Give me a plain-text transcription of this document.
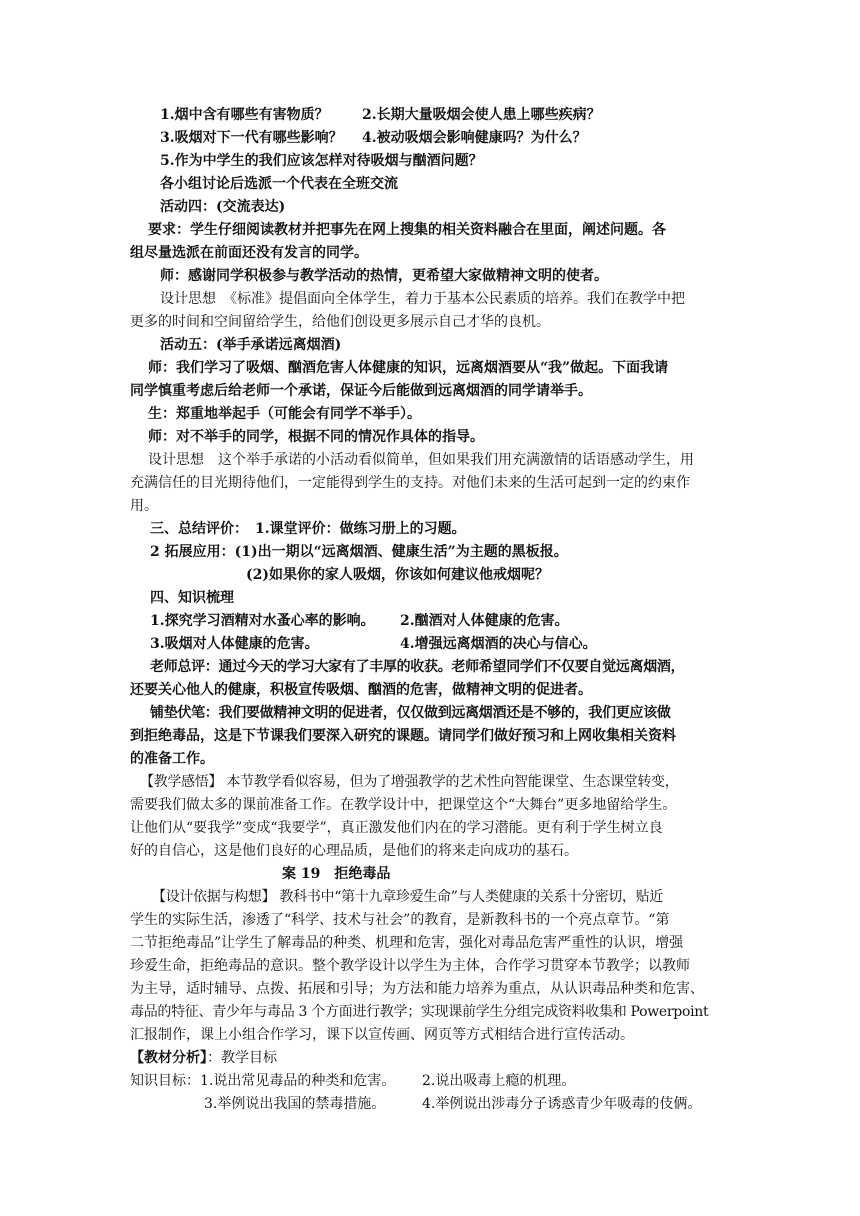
1.烟中含有哪些有害物质？ 2.长期大量吸烟会使人患上哪些疾病？
3.吸烟对下一代有哪些影响？ 4.被动吸烟会影响健康吗？为什么？
5.作为中学生的我们应该怎样对待吸烟与酗酒问题？
各小组讨论后选派一个代表在全班交流
活动四：(交流表达)
要求：学生仔细阅读教材并把事先在网上搜集的相关资料融合在里面，阐述问题。各
组尽量选派在前面还没有发言的同学。
师：感谢同学积极参与教学活动的热情，更希望大家做精神文明的使者。
设计思想　《标准》提倡面向全体学生，着力于基本公民素质的培养。我们在教学中把
更多的时间和空间留给学生，给他们创设更多展示自己才华的良机。
活动五：(举手承诺远离烟酒)
师：我们学习了吸烟、酗酒危害人体健康的知识，远离烟酒要从“我”做起。下面我请
同学慎重考虑后给老师一个承诺，保证今后能做到远离烟酒的同学请举手。
生：郑重地举起手（可能会有同学不举手）。
师：对不举手的同学，根据不同的情况作具体的指导。
设计思想　这个举手承诺的小活动看似简单，但如果我们用充满激情的话语感动学生，用
充满信任的目光期待他们，一定能得到学生的支持。对他们未来的生活可起到一定的约束作
用。
三、总结评价：　1.课堂评价：做练习册上的习题。
2 拓展应用：(1)出一期以“远离烟酒、健康生活”为主题的黑板报。
(2)如果你的家人吸烟，你该如何建议他戒烟呢？
四、知识梳理
1.探究学习酒精对水蚤心率的影响。 2.酗酒对人体健康的危害。
3.吸烟对人体健康的危害。	4.增强远离烟酒的决心与信心。
老师总评：通过今天的学习大家有了丰厚的收获。老师希望同学们不仅要自觉远离烟酒，
还要关心他人的健康，积极宣传吸烟、酗酒的危害，做精神文明的促进者。
铺垫伏笔：我们要做精神文明的促进者，仅仅做到远离烟酒还是不够的，我们更应该做
到拒绝毒品，这是下节课我们要深入研究的课题。请同学们做好预习和上网收集相关资料
的准备工作。
【教学感悟】 本节教学看似容易，但为了增强教学的艺术性向智能课堂、生态课堂转变，
需要我们做太多的课前准备工作。在教学设计中，把课堂这个“大舞台”更多地留给学生。
让他们从“要我学”变成“我要学”，真正激发他们内在的学习潜能。更有利于学生树立良
好的自信心，这是他们良好的心理品质，是他们的将来走向成功的基石。
案 19　拒绝毒品
【设计依据与构想】 教科书中“第十九章珍爱生命”与人类健康的关系十分密切，贴近
学生的实际生活，渗透了“科学、技术与社会”的教育，是新教科书的一个亮点章节。“第
二节拒绝毒品”让学生了解毒品的种类、机理和危害，强化对毒品危害严重性的认识，增强
珍爱生命，拒绝毒品的意识。整个教学设计以学生为主体，合作学习贯穿本节教学；以教师
为主导，适时辅导、点拨、拓展和引导；为方法和能力培养为重点，从认识毒品种类和危害、
毒品的特征、青少年与毒品 3 个方面进行教学；实现课前学生分组完成资料收集和 Powerpoint
汇报制作，课上小组合作学习，课下以宣传画、网页等方式相结合进行宣传活动。
【教材分析】：教学目标
知识目标：1.说出常见毒品的种类和危害。 2.说出吸毒上瘾的机理。
3.举例说出我国的禁毒措施。	4.举例说出涉毒分子诱惑青少年吸毒的伎俩。
